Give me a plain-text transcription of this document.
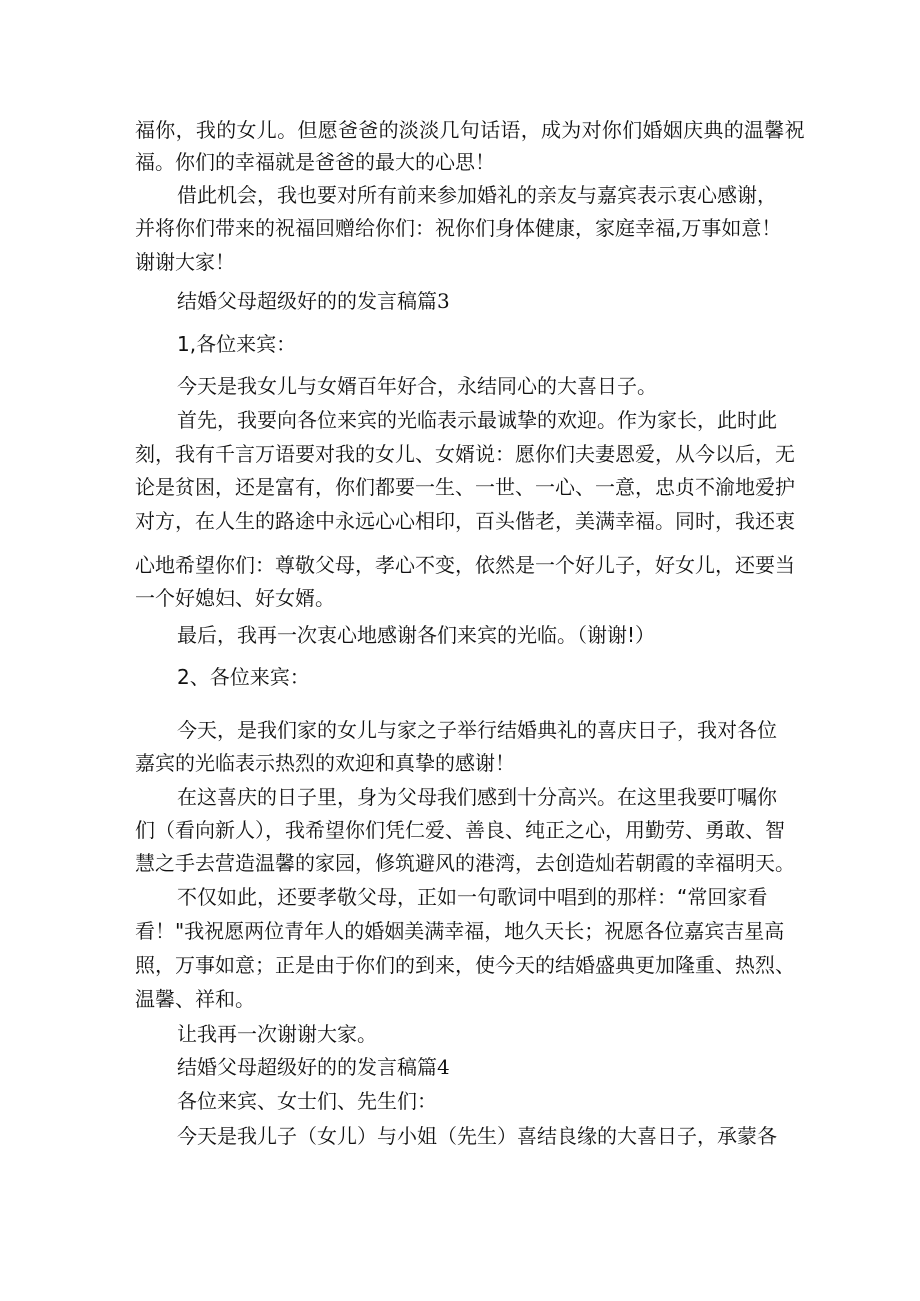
福你，我的女儿。但愿爸爸的淡淡几句话语，成为对你们婚姻庆典的温馨祝
福。你们的幸福就是爸爸的最大的心思！
借此机会，我也要对所有前来参加婚礼的亲友与嘉宾表示衷心感谢，
并将你们带来的祝福回赠给你们：祝你们身体健康，家庭幸福,万事如意！
谢谢大家！
结婚父母超级好的的发言稿篇3
1,各位来宾：
今天是我女儿与女婿百年好合，永结同心的大喜日子。
首先，我要向各位来宾的光临表示最诚挚的欢迎。作为家长，此时此
刻，我有千言万语要对我的女儿、女婿说：愿你们夫妻恩爱，从今以后，无
论是贫困，还是富有，你们都要一生、一世、一心、一意，忠贞不渝地爱护
对方，在人生的路途中永远心心相印，百头偕老，美满幸福。同时，我还衷
心地希望你们：尊敬父母，孝心不变，依然是一个好儿子，好女儿，还要当
一个好媳妇、好女婿。
最后，我再一次衷心地感谢各们来宾的光临。（谢谢!）
2、各位来宾：
今天，是我们家的女儿与家之子举行结婚典礼的喜庆日子，我对各位
嘉宾的光临表示热烈的欢迎和真挚的感谢！
在这喜庆的日子里，身为父母我们感到十分高兴。在这里我要叮嘱你
们（看向新人），我希望你们凭仁爱、善良、纯正之心，用勤劳、勇敢、智
慧之手去营造温馨的家园，修筑避风的港湾，去创造灿若朝霞的幸福明天。
不仅如此，还要孝敬父母，正如一句歌词中唱到的那样：“常回家看
看！"我祝愿两位青年人的婚姻美满幸福，地久天长；祝愿各位嘉宾吉星高
照，万事如意；正是由于你们的到来，使今天的结婚盛典更加隆重、热烈、
温馨、祥和。
让我再一次谢谢大家。
结婚父母超级好的的发言稿篇4
各位来宾、女士们、先生们：
今天是我儿子（女儿）与小姐（先生）喜结良缘的大喜日子，承蒙各
